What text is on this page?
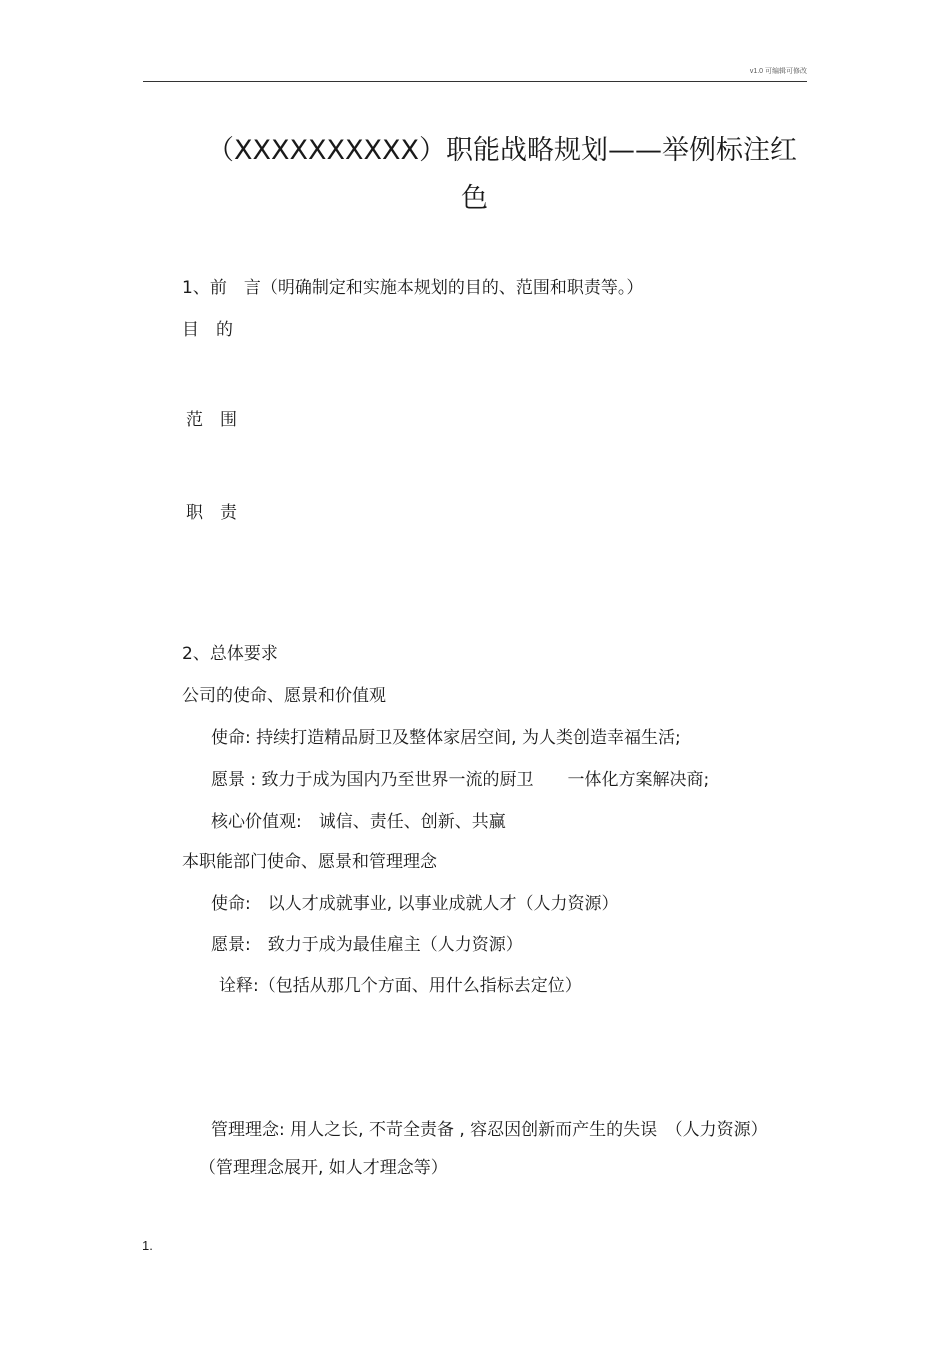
v1.0 可编辑可修改
（XXXXXXXXXX）职能战略规划——举例标注红
色
1、前　言（明确制定和实施本规划的目的、范围和职责等。）
目　的
范　围
职　责
2、总体要求
公司的使命、愿景和价值观
使命: 持续打造精品厨卫及整体家居空间, 为人类创造幸福生活;
愿景 : 致力于成为国内乃至世界一流的厨卫　　一体化方案解决商;
核心价值观:　诚信、责任、创新、共赢
本职能部门使命、愿景和管理理念
使命:　以人才成就事业, 以事业成就人才（人力资源）
愿景:　致力于成为最佳雇主（人力资源）
诠释:（包括从那几个方面、用什么指标去定位）
管理理念: 用人之长, 不苛全责备 , 容忍因创新而产生的失误　（人力资源）
（管理理念展开, 如人才理念等）
1.
